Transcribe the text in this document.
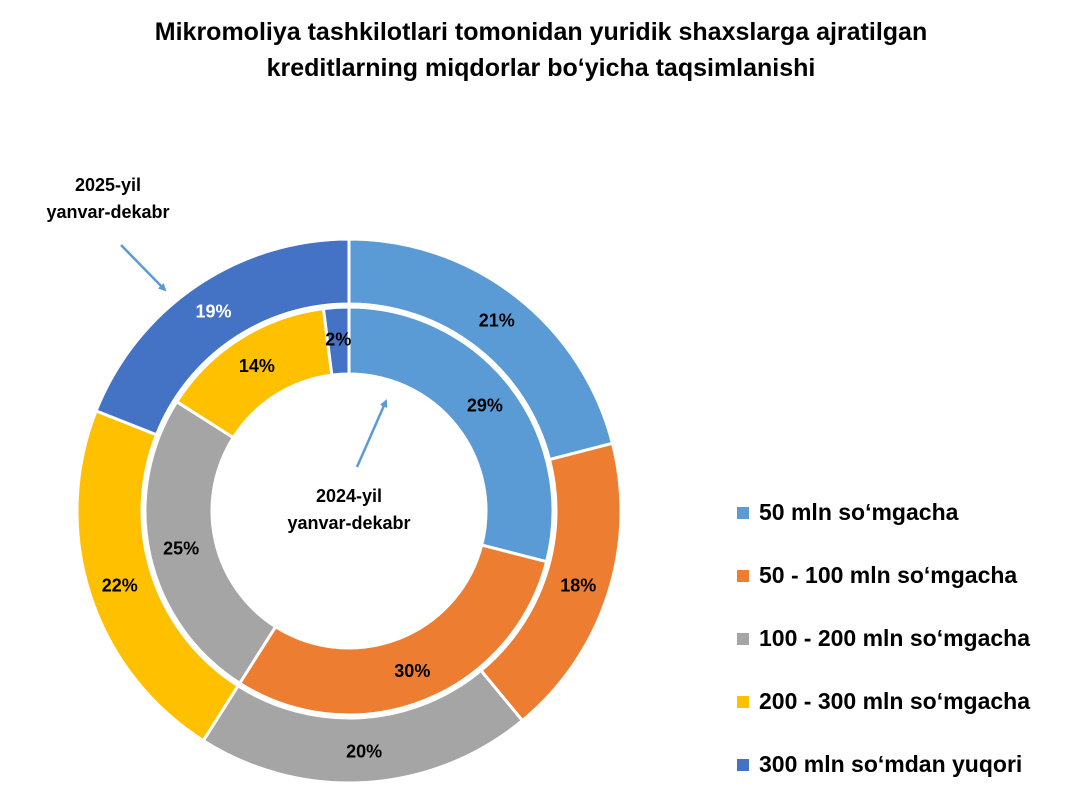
Mikromoliya tashkilotlari tomonidan yuridik shaxslarga ajratilgan
kreditlarning miqdorlar bo‘yicha taqsimlanishi
29%
30%
25%
14%
2%
21%
18%
20%
22%
19%
2025-yil
yanvar-dekabr
2024-yil
yanvar-dekabr	50 mln so‘mgacha
50 - 100 mln so‘mgacha
100 - 200 mln so‘mgacha
200 - 300 mln so‘mgacha
300 mln so‘mdan yuqori
